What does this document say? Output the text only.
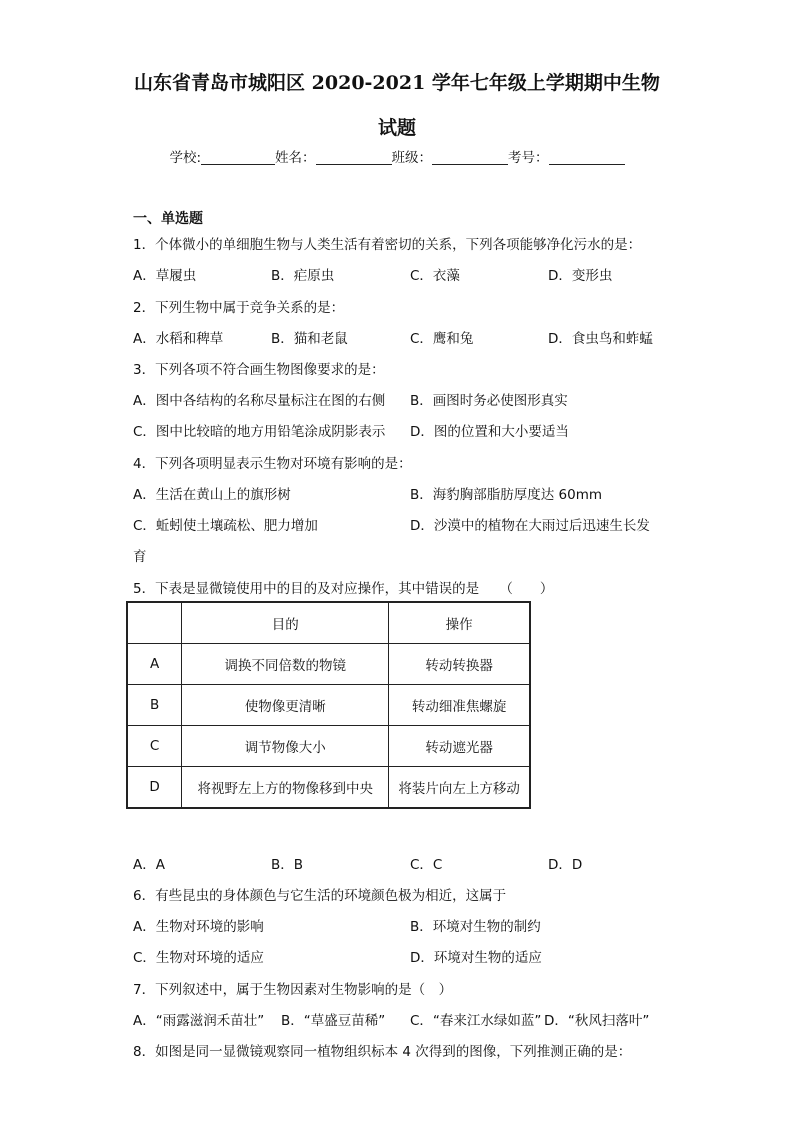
山东省青岛市城阳区 2020-2021 学年七年级上学期期中生物
试题
学校:	姓名：	班级：	考号：
一、单选题
1．个体微小的单细胞生物与人类生活有着密切的关系，下列各项能够净化污水的是：
A．草履虫	B．疟原虫	C．衣藻	D．变形虫
2．下列生物中属于竞争关系的是：
A．水稻和稗草	B．猫和老鼠	C．鹰和兔	D．食虫鸟和蚱蜢
3．下列各项不符合画生物图像要求的是：
A．图中各结构的名称尽量标注在图的右侧 B．画图时务必使图形真实
C．图中比较暗的地方用铅笔涂成阴影表示 D．图的位置和大小要适当
4．下列各项明显表示生物对环境有影响的是：
A．生活在黄山上的旗形树	B．海豹胸部脂肪厚度达 60mm
C．蚯蚓使土壤疏松、肥力增加	D．沙漠中的植物在大雨过后迅速生长发
育
5．下表是显微镜使用中的目的及对应操作，其中错误的是　　（　　）
	目的	操作
A	调换不同倍数的物镜	转动转换器
B	使物像更清晰	转动细准焦螺旋
C	调节物像大小	转动遮光器
D	将视野左上方的物像移到中央	将装片向左上方移动
A．A	B．B	C．C	D．D
6．有些昆虫的身体颜色与它生活的环境颜色极为相近，这属于
A．生物对环境的影响	B．环境对生物的制约
C．生物对环境的适应	D．环境对生物的适应
7．下列叙述中，属于生物因素对生物影响的是（　）
A．“雨露滋润禾苗壮” B．“草盛豆苗稀” C．“春来江水绿如蓝” D．“秋风扫落叶”
8．如图是同一显微镜观察同一植物组织标本 4 次得到的图像，下列推测正确的是：
